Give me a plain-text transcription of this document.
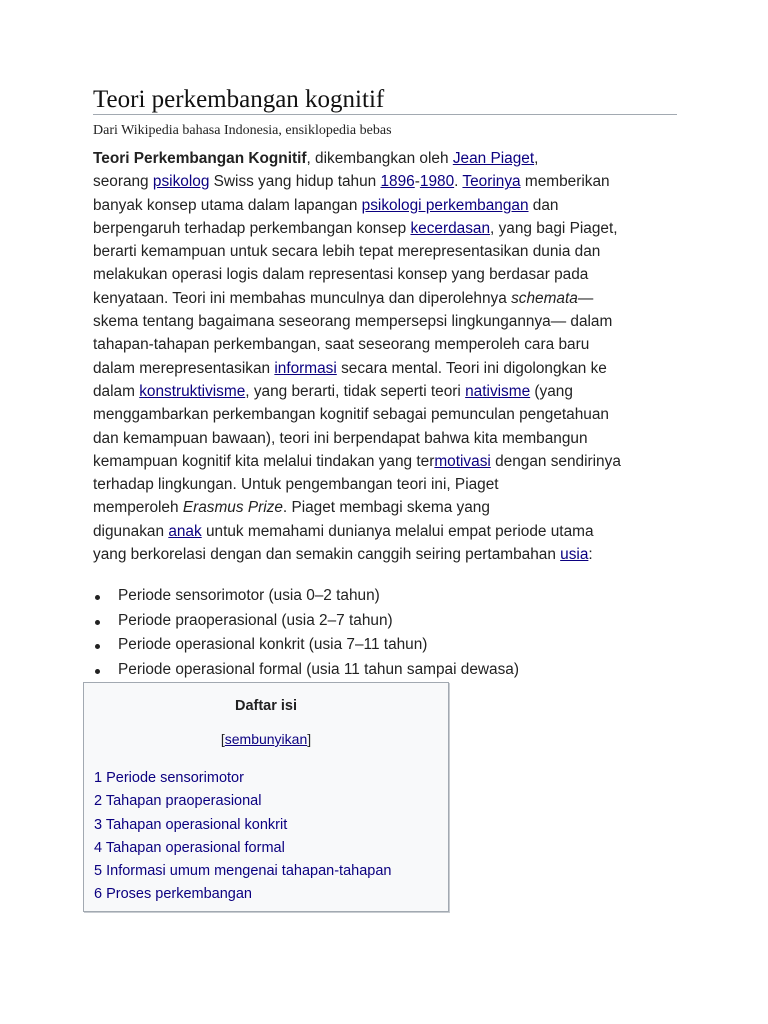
Teori perkembangan kognitif
Dari Wikipedia bahasa Indonesia, ensiklopedia bebas

Teori Perkembangan Kognitif, dikembangkan oleh Jean Piaget,
seorang psikolog Swiss yang hidup tahun 1896-1980. Teorinya memberikan
banyak konsep utama dalam lapangan psikologi perkembangan dan
berpengaruh terhadap perkembangan konsep kecerdasan, yang bagi Piaget,
berarti kemampuan untuk secara lebih tepat merepresentasikan dunia dan
melakukan operasi logis dalam representasi konsep yang berdasar pada
kenyataan. Teori ini membahas munculnya dan diperolehnya schemata—
skema tentang bagaimana seseorang mempersepsi lingkungannya— dalam
tahapan-tahapan perkembangan, saat seseorang memperoleh cara baru
dalam merepresentasikan informasi secara mental. Teori ini digolongkan ke
dalam konstruktivisme, yang berarti, tidak seperti teori nativisme (yang
menggambarkan perkembangan kognitif sebagai pemunculan pengetahuan
dan kemampuan bawaan), teori ini berpendapat bahwa kita membangun
kemampuan kognitif kita melalui tindakan yang termotivasi dengan sendirinya
terhadap lingkungan. Untuk pengembangan teori ini, Piaget
memperoleh Erasmus Prize. Piaget membagi skema yang
digunakan anak untuk memahami dunianya melalui empat periode utama
yang berkorelasi dengan dan semakin canggih seiring pertambahan usia:

Periode sensorimotor (usia 0–2 tahun)
Periode praoperasional (usia 2–7 tahun)
Periode operasional konkrit (usia 7–11 tahun)
Periode operasional formal (usia 11 tahun sampai dewasa)
Daftar isi
[sembunyikan]
1 Periode sensorimotor
2 Tahapan praoperasional
3 Tahapan operasional konkrit
4 Tahapan operasional formal
5 Informasi umum mengenai tahapan-tahapan
6 Proses perkembangan
